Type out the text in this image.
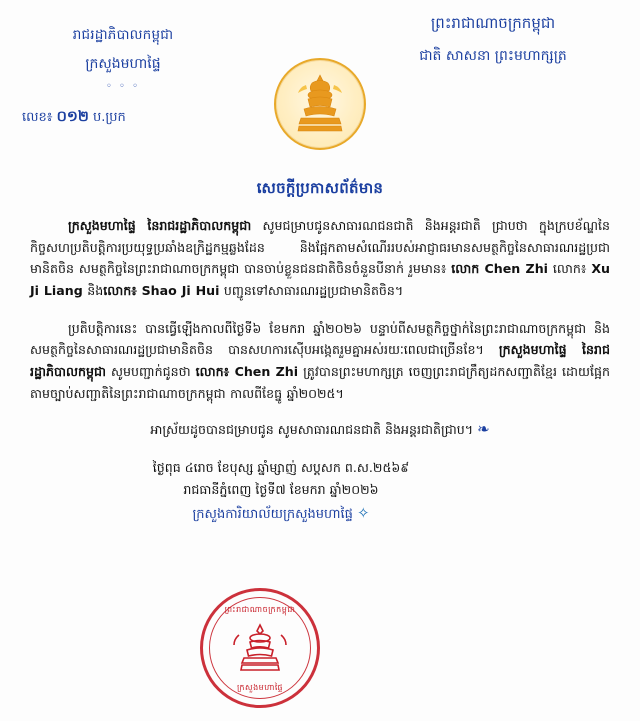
រាជរដ្ឋាភិបាលកម្ពុជា
ក្រសួងមហាផ្ទៃ
◦ ◦ ◦
លេខ៖ ០១២ ប.ប្រក
ព្រះរាជាណាចក្រកម្ពុជា
ជាតិ សាសនា ព្រះមហាក្សត្រ
សេចក្ដីប្រកាសព័ត៌មាន

ក្រសួងមហាផ្ទៃ នៃរាជរដ្ឋាភិបាលកម្ពុជា សូមជម្រាបជូនសាធារណជនជាតិ និងអន្តរជាតិ ជ្រាបថា ក្នុងក្របខ័ណ្ឌនៃកិច្ចសហប្រតិបត្តិការប្រយុទ្ធប្រឆាំងឧក្រិដ្ឋកម្មឆ្លងដែន និងផ្អែកតាមសំណើររបស់អាជ្ញាធរមានសមត្ថកិច្ចនៃសាធារណរដ្ឋប្រជាមានិតចិន សមត្ថកិច្ចនៃព្រះរាជាណាចក្រកម្ពុជា បានចាប់ខ្លួនជនជាតិចិនចំនួនបីនាក់ រួមមាន៖ លោក Chen Zhi លោក៖ Xu Ji Liang និងលោក៖ Shao Ji Hui បញ្ជូនទៅសាធារណរដ្ឋប្រជាមានិតចិន។

ប្រតិបត្តិការនេះ បានធ្វើឡើងកាលពីថ្ងៃទី៦ ខែមករា ឆ្នាំ២០២៦ បន្ទាប់ពីសមត្ថកិច្ចថ្នាក់នៃព្រះរាជាណាចក្រកម្ពុជា និងសមត្ថកិច្ចនៃសាធារណរដ្ឋប្រជាមានិតចិន បានសហការស៊ើបអង្កេតរួមគ្នាអស់រយៈពេលជាច្រើនខែ។ ក្រសួងមហាផ្ទៃ នៃរាជរដ្ឋាភិបាលកម្ពុជា សូមបញ្ជាក់ជូនថា លោក៖ Chen Zhi ត្រូវបានព្រះមហាក្សត្រ ចេញព្រះរាជក្រឹត្យដកសញ្ជាតិខ្មែរ ដោយផ្អែកតាមច្បាប់សញ្ជាតិនៃព្រះរាជាណាចក្រកម្ពុជា កាលពីខែធ្នូ ឆ្នាំ២០២៥។

អាស្រ័យដូចបានជម្រាបជូន សូមសាធារណជនជាតិ និងអន្តរជាតិជ្រាប។ ❧

ថ្ងៃពុធ ៤រោច ខែបុស្ស ឆ្នាំម្សាញ់ សប្តសក ព.ស.២៥៦៩
រាជធានីភ្នំពេញ ថ្ងៃទី៧ ខែមករា ឆ្នាំ២០២៦
ក្រសួងការិយាល័យក្រសួងមហាផ្ទៃ ✧
ព្រះរាជាណាចក្រកម្ពុជា
ក្រសួងមហាផ្ទៃ
